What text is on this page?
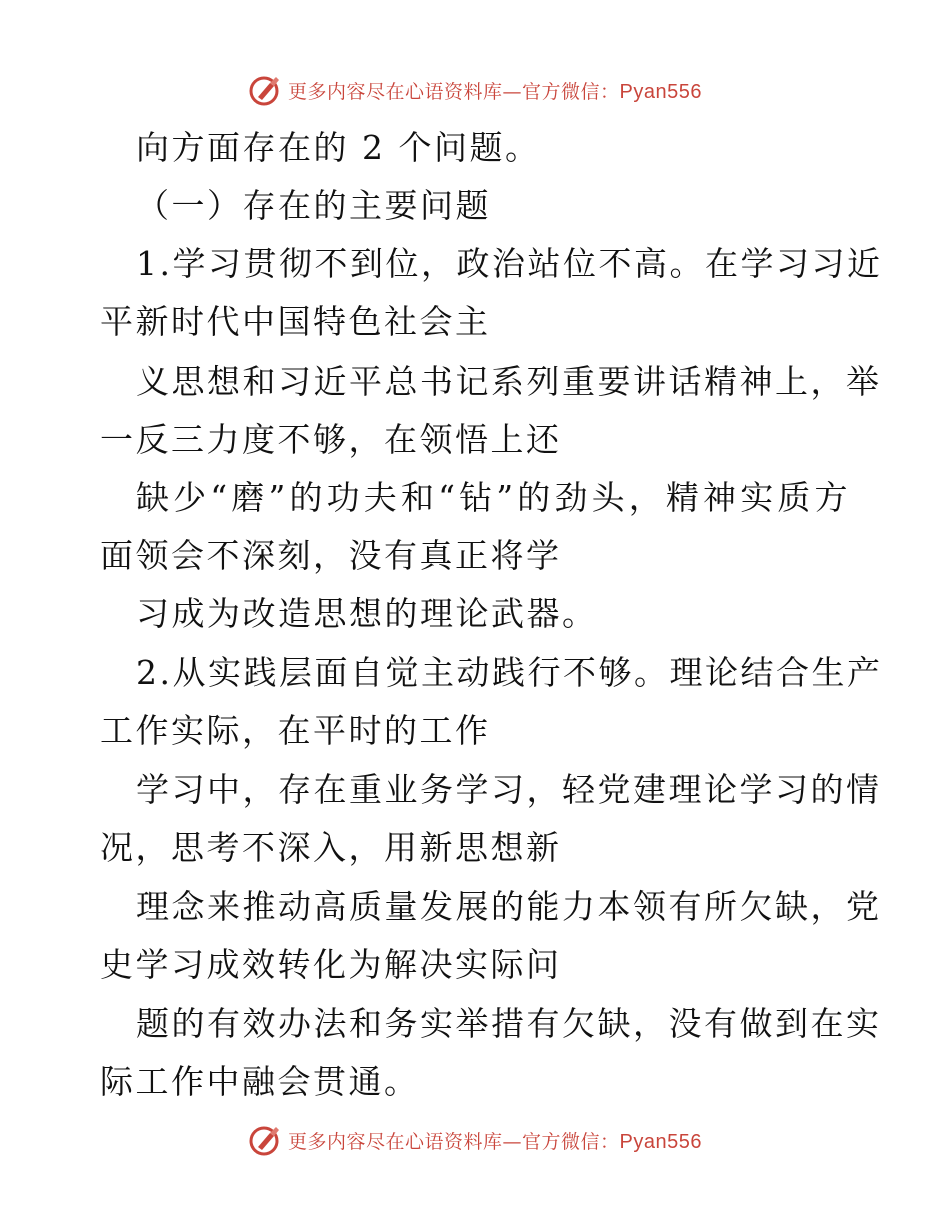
更多内容尽在心语资料库—官方微信：Pyan556
向方面存在的 2 个问题。
（一）存在的主要问题
1.学习贯彻不到位，政治站位不高。在学习习近
平新时代中国特色社会主
义思想和习近平总书记系列重要讲话精神上，举
一反三力度不够，在领悟上还
缺少“磨”的功夫和“钻”的劲头，精神实质方
面领会不深刻，没有真正将学
习成为改造思想的理论武器。
2.从实践层面自觉主动践行不够。理论结合生产
工作实际，在平时的工作
学习中，存在重业务学习，轻党建理论学习的情
况，思考不深入，用新思想新
理念来推动高质量发展的能力本领有所欠缺，党
史学习成效转化为解决实际问
题的有效办法和务实举措有欠缺，没有做到在实
际工作中融会贯通。
更多内容尽在心语资料库—官方微信：Pyan556
